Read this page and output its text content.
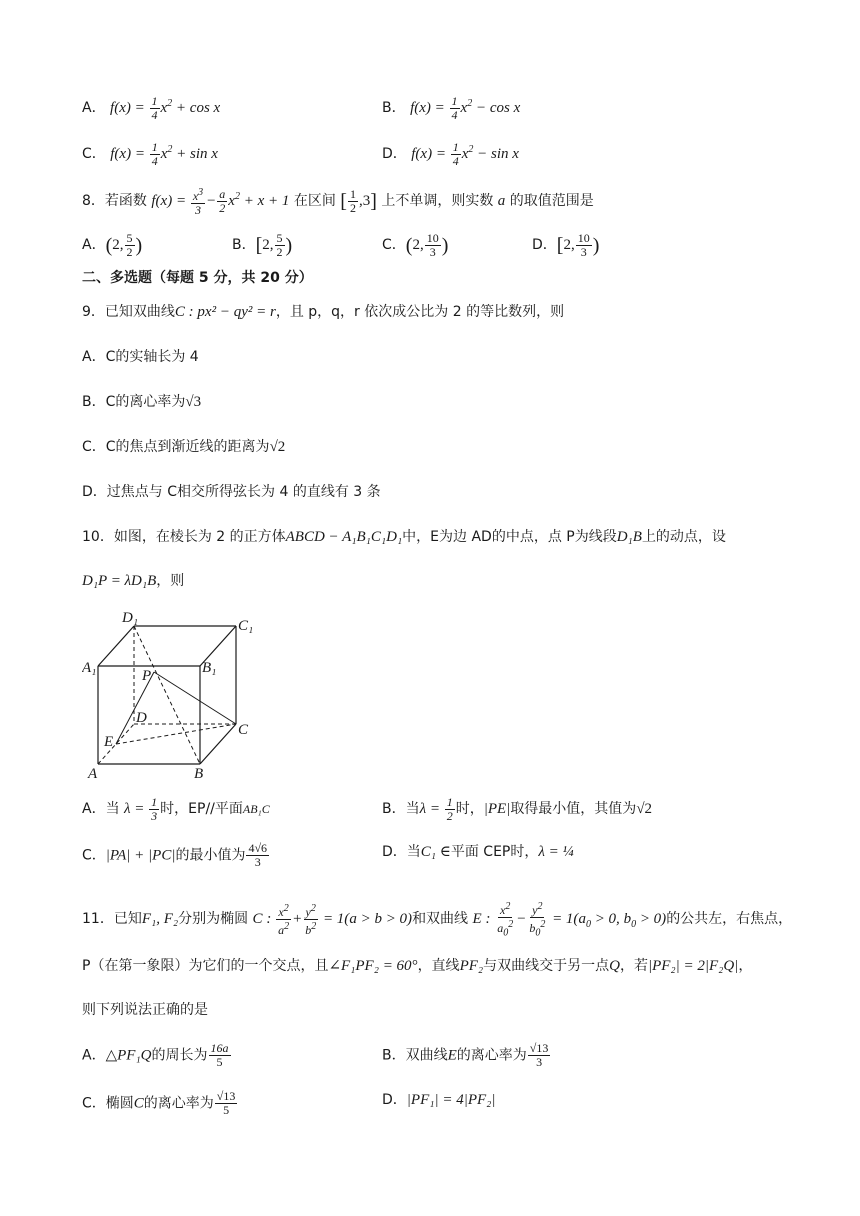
A． $f(x) = \frac{1}{4} x^2 + \cos x$	B． $f(x) = \frac{1}{4} x^2 - \cos x$
C． $f(x) = \frac{1}{4} x^2 + \sin x$	D． $f(x) = \frac{1}{4} x^2 - \sin x$
8．若函数 $f(x) = \frac{x^3}{3} - \frac{a}{2} x^2 + x + 1$ 在区间 [ $\frac{1}{2} ,3$] 上不单调，则实数 a 的取值范围是
A．(2, $\frac{5}{2}$ )	B．[2, $\frac{5}{2}$ )	C．(2, $\frac{10}{3}$ )	D．[2, $\frac{10}{3}$ )
二、多选题（每题 5 分，共 20 分）
9．已知双曲线C : px² − qy² = r，且 p，q，r 依次成公比为 2 的等比数列，则
A．C的实轴长为 4
B．C的离心率为√3
C．C的焦点到渐近线的距离为√2
D．过焦点与 C相交所得弦长为 4 的直线有 3 条
10．如图，在棱长为 2 的正方体ABCD − A₁B₁C₁D₁中，E为边 AD的中点，点 P为线段D₁B上的动点，设
D₁P = λD₁B，则
D₁	C₁
A₁	B₁
P
D
C
E
A	B
A．当 $\lambda = \frac{1}{3}$ 时，EP//平面AB₁C	B．当$\lambda = \frac{1}{2}$ 时，|PE|取得最小值，其值为√2
C．|PA| + |PC|的最小值为 $\frac{4√6}{3}$	D．当C₁ ∈平面 CEP时，λ = ¼
11．已知F₁, F₂分别为椭圆 C : $\frac{x^2}{a^2} + \frac{y^2}{b^2} = 1(a > b > 0)$和双曲线 E : $\frac{x^2}{a_0^2} - \frac{y^2}{b_0^2} = 1(a_0 > 0$, $b_0 > 0$)的公共左，右焦点，
P（在第一象限）为它们的一个交点，且∠F₁PF₂ = 60°，直线PF₂与双曲线交于另一点Q，若|PF₂| = 2|F₂Q|，
则下列说法正确的是
A．△PF₁Q的周长为 $\frac{16a}{5}$	B．双曲线E的离心率为 $\frac{√13}{3}$
C．椭圆C的离心率为 $\frac{√13}{5}$	D．|PF₁| = 4|PF₂|
